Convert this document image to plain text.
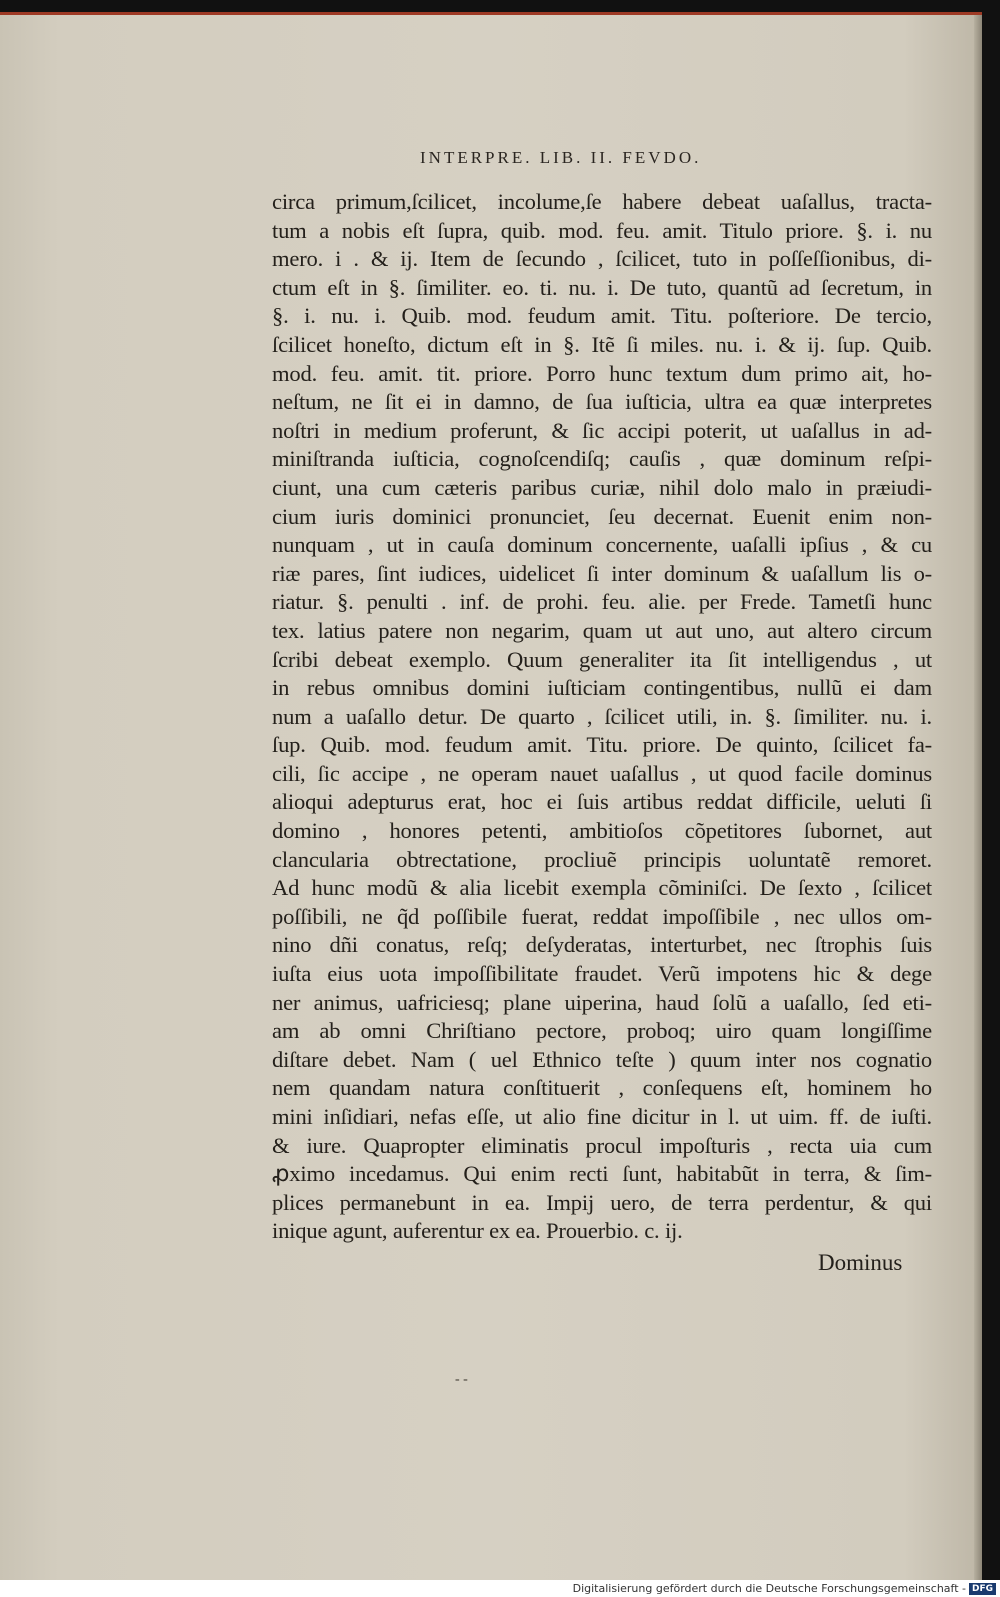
INTERPRE. LIB. II. FEVDO.
circa primum,ſcilicet, incolume,ſe habere debeat uaſallus, tracta-
tum a nobis eſt ſupra, quib. mod. feu. amit. Titulo priore. §. i. nu
mero. i . & ij. Item de ſecundo , ſcilicet, tuto in poſſeſſionibus, di-
ctum eſt in §. ſimiliter. eo. ti. nu. i. De tuto, quantũ ad ſecretum, in
§. i. nu. i. Quib. mod. feudum amit. Titu. poſteriore. De tercio,
ſcilicet honeſto, dictum eſt in §. Itẽ ſi miles. nu. i. & ij. ſup. Quib.
mod. feu. amit. tit. priore. Porro hunc textum dum primo ait, ho-
neſtum, ne ſit ei in damno, de ſua iuſticia, ultra ea quæ interpretes
noſtri in medium proferunt, & ſic accipi poterit, ut uaſallus in ad-
miniſtranda iuſticia, cognoſcendiſq; cauſis , quæ dominum reſpi-
ciunt, una cum cæteris paribus curiæ, nihil dolo malo in præiudi-
cium iuris dominici pronunciet, ſeu decernat. Euenit enim non-
nunquam , ut in cauſa dominum concernente, uaſalli ipſius , & cu
riæ pares, ſint iudices, uidelicet ſi inter dominum & uaſallum lis o-
riatur. §. penulti . inf. de prohi. feu. alie. per Frede. Tametſi hunc
tex. latius patere non negarim, quam ut aut uno, aut altero circum
ſcribi debeat exemplo. Quum generaliter ita ſit intelligendus , ut
in rebus omnibus domini iuſticiam contingentibus, nullũ ei dam
num a uaſallo detur. De quarto , ſcilicet utili, in. §. ſimiliter. nu. i.
ſup. Quib. mod. feudum amit. Titu. priore. De quinto, ſcilicet fa-
cili, ſic accipe , ne operam nauet uaſallus , ut quod facile dominus
alioqui adepturus erat, hoc ei ſuis artibus reddat difficile, ueluti ſi
domino , honores petenti, ambitioſos cõpetitores ſubornet, aut
clancularia obtrectatione, procliuẽ principis uoluntatẽ remoret.
Ad hunc modũ & alia licebit exempla cõminiſci. De ſexto , ſcilicet
poſſibili, ne q̃d poſſibile fuerat, reddat impoſſibile , nec ullos om-
nino dñi conatus, reſq; deſyderatas, interturbet, nec ſtrophis ſuis
iuſta eius uota impoſſibilitate fraudet. Verũ impotens hic & dege
ner animus, uafriciesq; plane uiperina, haud ſolũ a uaſallo, ſed eti-
am ab omni Chriſtiano pectore, proboq; uiro quam longiſſime
diſtare debet. Nam ( uel Ethnico teſte ) quum inter nos cognatio
nem quandam natura conſtituerit , conſequens eſt, hominem ho
mini inſidiari, nefas eſſe, ut alio fine dicitur in l. ut uim. ff. de iuſti.
& iure. Quapropter eliminatis procul impoſturis , recta uia cum
ꝓximo incedamus. Qui enim recti ſunt, habitabũt in terra, & ſim-
plices permanebunt in ea. Impij uero, de terra perdentur, & qui
inique agunt, auferentur ex ea. Prouerbio. c. ij.
Dominus
- -
Digitalisierung gefördert durch die Deutsche Forschungsgemeinschaft - DFG
